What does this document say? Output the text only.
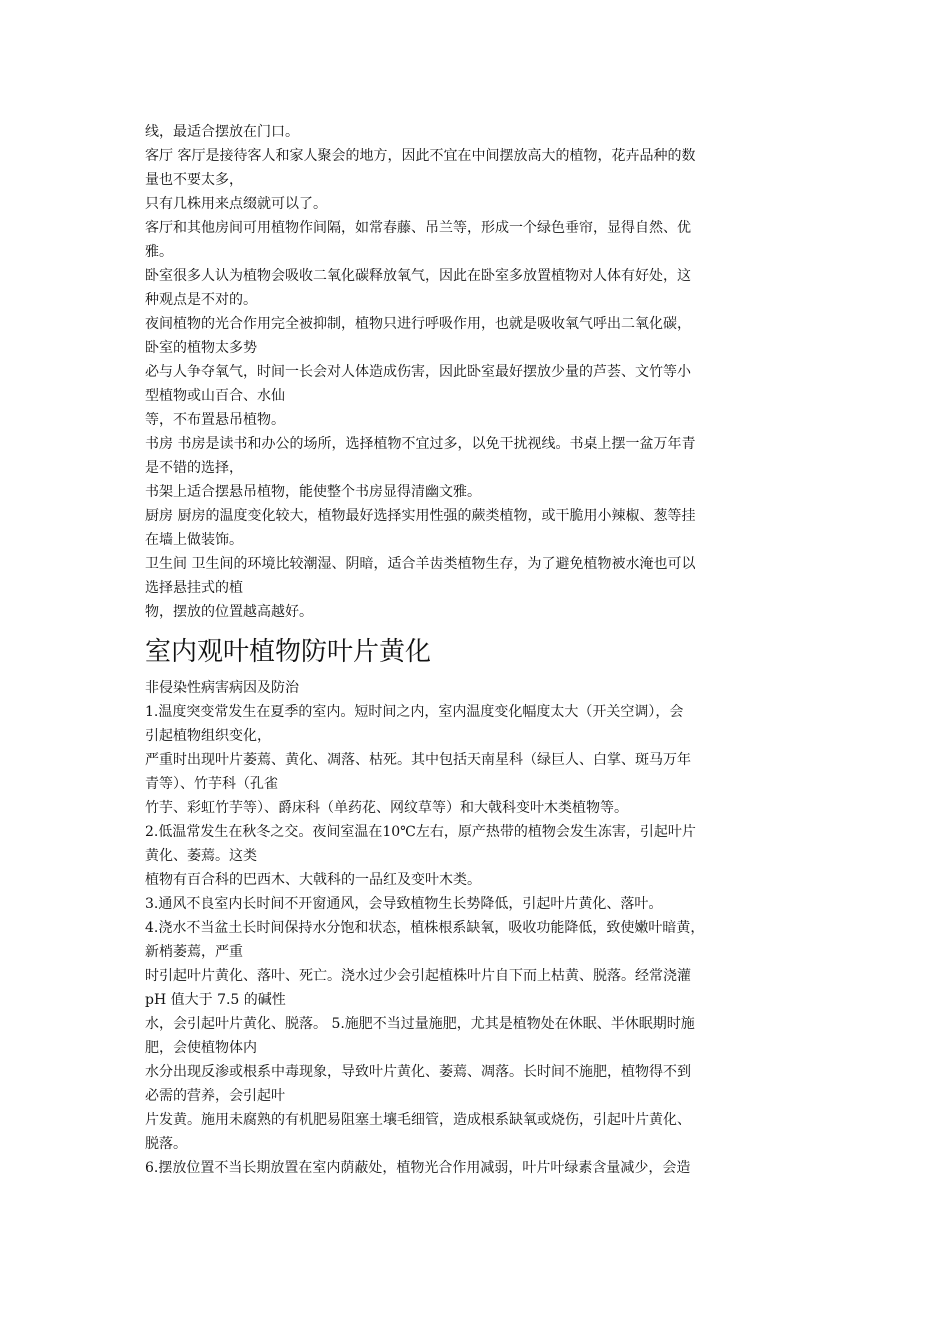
线，最适合摆放在门口。
客厅 客厅是接待客人和家人聚会的地方，因此不宜在中间摆放高大的植物，花卉品种的数
量也不要太多，
只有几株用来点缀就可以了。
客厅和其他房间可用植物作间隔，如常春藤、吊兰等，形成一个绿色垂帘，显得自然、优
雅。
卧室很多人认为植物会吸收二氧化碳释放氧气，因此在卧室多放置植物对人体有好处，这
种观点是不对的。
夜间植物的光合作用完全被抑制，植物只进行呼吸作用，也就是吸收氧气呼出二氧化碳，
卧室的植物太多势
必与人争夺氧气，时间一长会对人体造成伤害，因此卧室最好摆放少量的芦荟、文竹等小
型植物或山百合、水仙
等，不布置悬吊植物。
书房 书房是读书和办公的场所，选择植物不宜过多，以免干扰视线。书桌上摆一盆万年青
是不错的选择，
书架上适合摆悬吊植物，能使整个书房显得清幽文雅。
厨房 厨房的温度变化较大，植物最好选择实用性强的蕨类植物，或干脆用小辣椒、葱等挂
在墙上做装饰。
卫生间 卫生间的环境比较潮湿、阴暗，适合羊齿类植物生存，为了避免植物被水淹也可以
选择悬挂式的植
物，摆放的位置越高越好。
室内观叶植物防叶片黄化
非侵染性病害病因及防治
1.温度突变常发生在夏季的室内。短时间之内，室内温度变化幅度太大（开关空调），会
引起植物组织变化，
严重时出现叶片萎蔫、黄化、凋落、枯死。其中包括天南星科（绿巨人、白掌、斑马万年
青等）、竹芋科（孔雀
竹芋、彩虹竹芋等）、爵床科（单药花、网纹草等）和大戟科变叶木类植物等。
2.低温常发生在秋冬之交。夜间室温在10℃左右，原产热带的植物会发生冻害，引起叶片
黄化、萎蔫。这类
植物有百合科的巴西木、大戟科的一品红及变叶木类。
3.通风不良室内长时间不开窗通风，会导致植物生长势降低，引起叶片黄化、落叶。
4.浇水不当盆土长时间保持水分饱和状态，植株根系缺氧，吸收功能降低，致使嫩叶暗黄，
新梢萎蔫，严重
时引起叶片黄化、落叶、死亡。浇水过少会引起植株叶片自下而上枯黄、脱落。经常浇灌
pH 值大于 7.5 的碱性
水，会引起叶片黄化、脱落。 5.施肥不当过量施肥，尤其是植物处在休眠、半休眠期时施
肥，会使植物体内
水分出现反渗或根系中毒现象，导致叶片黄化、萎蔫、凋落。长时间不施肥，植物得不到
必需的营养，会引起叶
片发黄。施用未腐熟的有机肥易阻塞土壤毛细管，造成根系缺氧或烧伤，引起叶片黄化、
脱落。
6.摆放位置不当长期放置在室内荫蔽处，植物光合作用减弱，叶片叶绿素含量减少，会造
